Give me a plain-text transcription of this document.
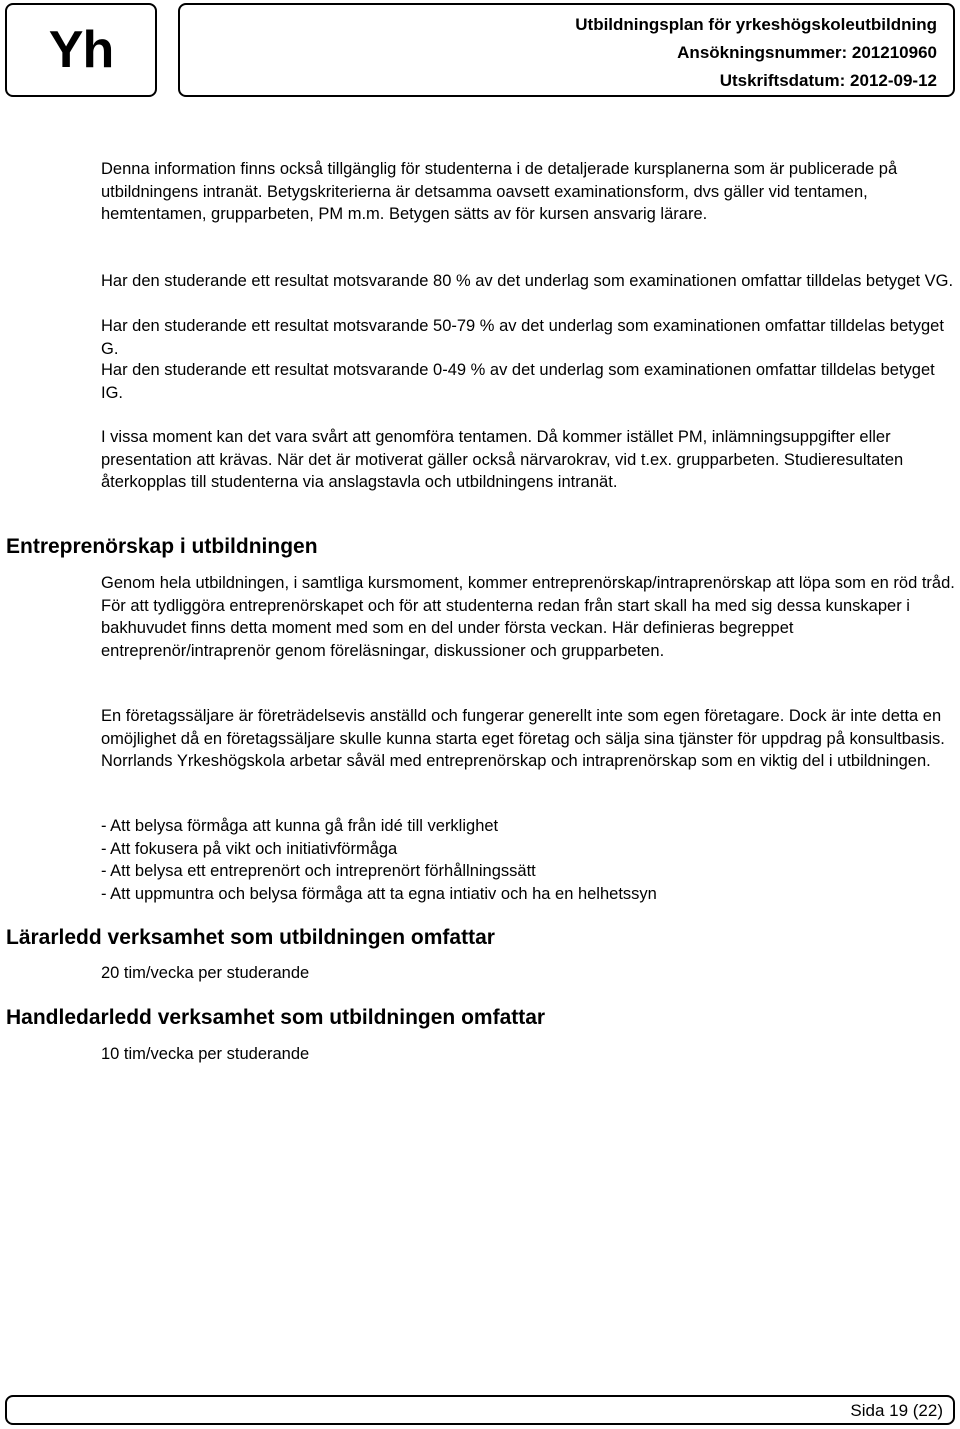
Yh	Utbildningsplan för yrkeshögskoleutbildning
Ansökningsnummer: 201210960
Utskriftsdatum: 2012-09-12

Denna information finns också tillgänglig för studenterna i de detaljerade kursplanerna som är publicerade på utbildningens intranät. Betygskriterierna är detsamma oavsett examinationsform, dvs gäller vid tentamen, hemtentamen, grupparbeten, PM m.m. Betygen sätts av för kursen ansvarig lärare.

Har den studerande ett resultat motsvarande 80 % av det underlag som examinationen omfattar tilldelas betyget VG.

Har den studerande ett resultat motsvarande 50-79 % av det underlag som examinationen omfattar tilldelas betyget G.

Har den studerande ett resultat motsvarande 0-49 % av det underlag som examinationen omfattar tilldelas betyget IG.

I vissa moment kan det vara svårt att genomföra tentamen. Då kommer istället PM, inlämningsuppgifter eller presentation att krävas. När det är motiverat gäller också närvarokrav, vid t.ex. grupparbeten. Studieresultaten återkopplas till studenterna via anslagstavla och utbildningens intranät.

Entreprenörskap i utbildningen

Genom hela utbildningen, i samtliga kursmoment, kommer entreprenörskap/intraprenörskap att löpa som en röd tråd. För att tydliggöra entreprenörskapet och för att studenterna redan från start skall ha med sig dessa kunskaper i bakhuvudet finns detta moment med som en del under första veckan. Här definieras begreppet entreprenör/intraprenör genom föreläsningar, diskussioner och grupparbeten.

En företagssäljare är företrädelsevis anställd och fungerar generellt inte som egen företagare. Dock är inte detta en omöjlighet då en företagssäljare skulle kunna starta eget företag och sälja sina tjänster för uppdrag på konsultbasis. Norrlands Yrkeshögskola arbetar såväl med entreprenörskap och intraprenörskap som en viktig del i utbildningen.

- Att belysa förmåga att kunna gå från idé till verklighet
- Att fokusera på vikt och initiativförmåga
- Att belysa ett entreprenört och intreprenört förhållningssätt
- Att uppmuntra och belysa förmåga att ta egna intiativ och ha en helhetssyn
Lärarledd verksamhet som utbildningen omfattar

20 tim/vecka per studerande

Handledarledd verksamhet som utbildningen omfattar

10 tim/vecka per studerande

Sida 19 (22)
